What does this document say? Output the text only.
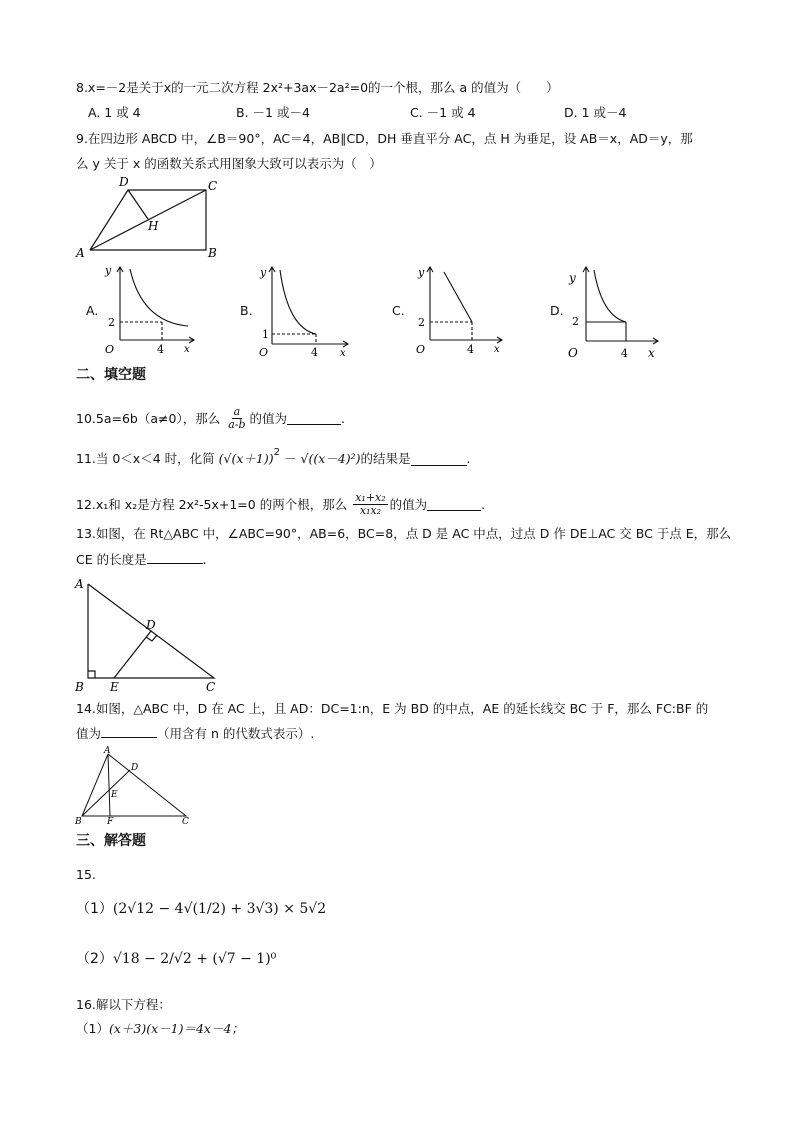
8.x=－2是关于x的一元二次方程 2x²+3ax－2a²=0的一个根，那么 a 的值为（　　）
A. 1 或 4	B. －1 或－4	C. －1 或 4	D. 1 或－4
9.在四边形 ABCD 中，∠B＝90°，AC＝4，AB∥CD，DH 垂直平分 AC，点 H 为垂足，设 AB＝x，AD＝y，那
么 y 关于 x 的函数关系式用图象大致可以表示为（　）
A	B
C
D
H
A.
y
x
O
2
4
B.
y
x
O
1
4
C.
y
x
O
2
4
D.
y
x
O
2
4
二、填空题
10.5a=6b（a≠0），那么 $\frac{a}{a-b}$ 的值为	.
11.当 0＜x＜4 时，化简 $(√(x+1))^2 - √((x-4)^2)$ 的结果是	.
12.x₁和 x₂是方程 2x²-5x+1=0 的两个根，那么 $\frac{\text{x₁+x₂}}{\text{x₁x₂}}$ 的值为	.
13.如图，在 Rt△ABC 中，∠ABC=90°，AB=6，BC=8，点 D 是 AC 中点，过点 D 作 DE⊥AC 交 BC 于点 E，那么
CE 的长度是	.
A
B	C
D
E
14.如图，△ABC 中，D 在 AC 上，且 AD：DC=1:n，E 为 BD 的中点，AE 的延长线交 BC 于 F，那么 FC:BF 的
值为	（用含有 n 的代数式表示）.
A
B	C
D
E
F
三、解答题
15.
（1）(2√12 − 4√(1/2) + 3√3) × 5√2
（2）√18 − 2/√2 + (√7 − 1)⁰
16.解以下方程：
（1）(x＋3)(x－1)＝4x－4；
